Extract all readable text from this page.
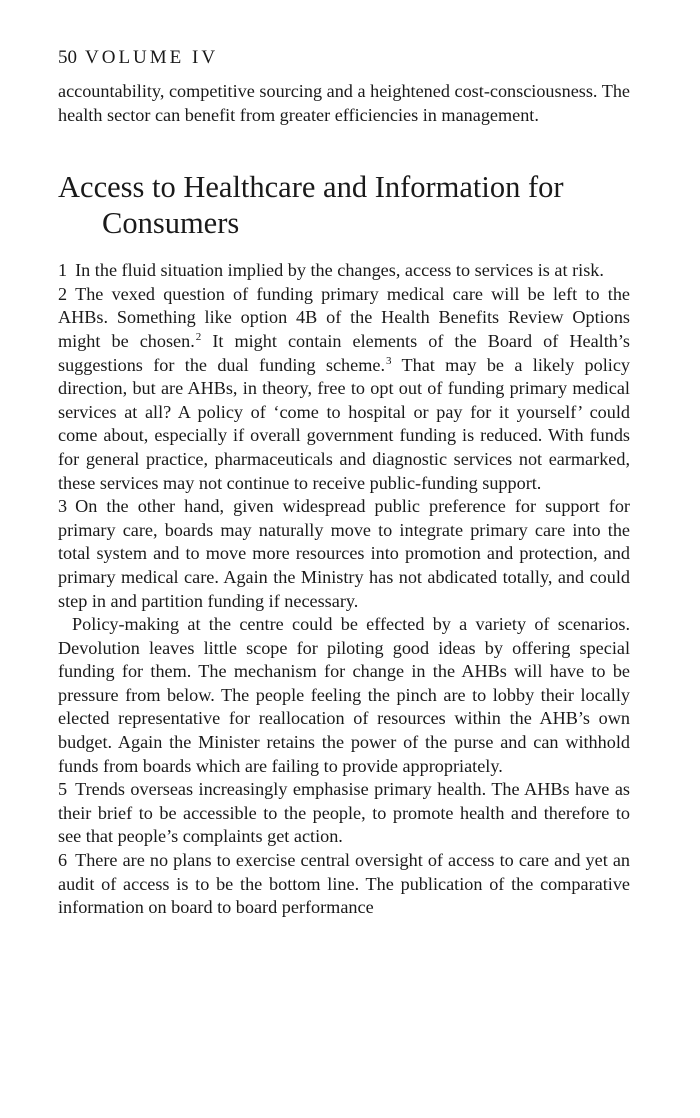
50 VOLUME IV

accountability, competitive sourcing and a heightened cost-consciousness. The health sector can benefit from greater efficiencies in management.

Access to Healthcare and Information for Consumers

1 In the fluid situation implied by the changes, access to services is at risk.

2 The vexed question of funding primary medical care will be left to the AHBs. Something like option 4B of the Health Benefits Review Options might be chosen.$^2$ It might contain elements of the Board of Health’s suggestions for the dual funding scheme.$^3$ That may be a likely policy direction, but are AHBs, in theory, free to opt out of funding primary medical services at all? A policy of ‘come to hospital or pay for it yourself’ could come about, especially if overall government funding is reduced. With funds for general practice, pharmaceuticals and diagnostic services not earmarked, these services may not continue to receive public-funding support.

3 On the other hand, given widespread public preference for support for primary care, boards may naturally move to integrate primary care into the total system and to move more resources into promotion and protection, and primary medical care. Again the Ministry has not abdicated totally, and could step in and partition funding if necessary.

Policy-making at the centre could be effected by a variety of scenarios. Devolution leaves little scope for piloting good ideas by offering special funding for them. The mechanism for change in the AHBs will have to be pressure from below. The people feeling the pinch are to lobby their locally elected representative for reallocation of resources within the AHB’s own budget. Again the Minister retains the power of the purse and can withhold funds from boards which are failing to provide appropriately.

5 Trends overseas increasingly emphasise primary health. The AHBs have as their brief to be accessible to the people, to promote health and therefore to see that people’s complaints get action.

6 There are no plans to exercise central oversight of access to care and yet an audit of access is to be the bottom line. The publication of the comparative information on board to board performance
